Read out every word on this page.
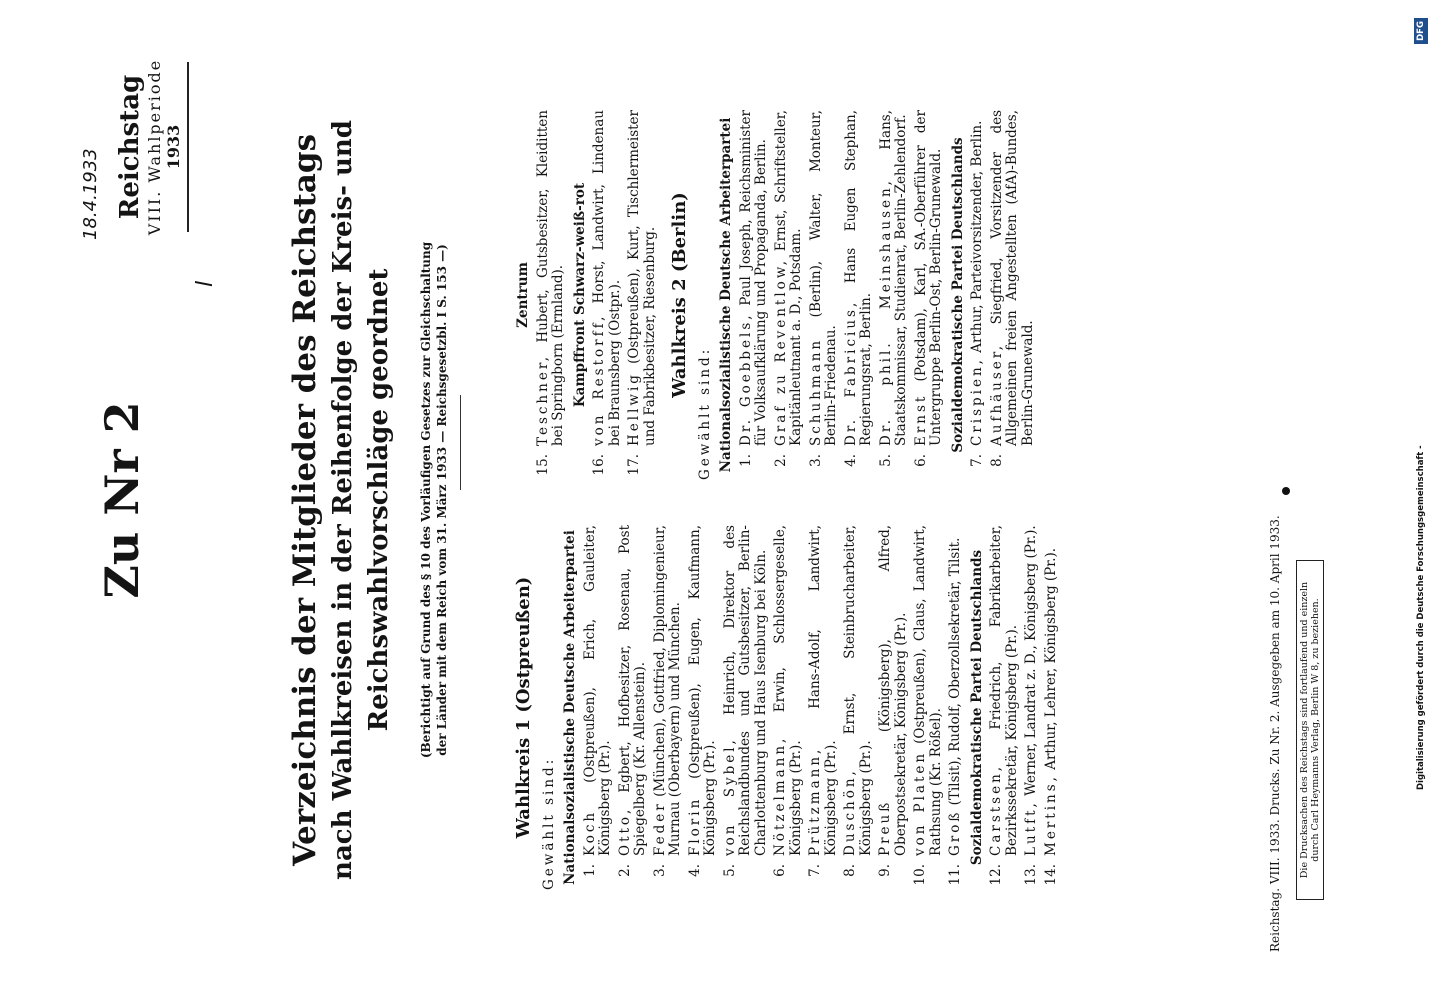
18.4.1933 Reichstag VIII. Wahlperiode 1933
l
Zu Nr 2	Verzeichnis der Mitglieder des Reichstags nach Wahlkreisen in der Reihenfolge der Kreis- und Reichswahlvorschläge geordnet (Berichtigt auf Grund des § 10 des Vorläufigen Gesetzes zur Gleichschaltung der Länder mit dem Reich vom 31. März 1933 — Reichsgesetzbl. I S. 153 —)	Wahlkreis 1 (Ostpreußen) Gewählt sind: Nationalsozialistische Deutsche Arbeiterpartei 1.
Koch (Ostpreußen), Erich, Gauleiter, Königsberg (Pr.).
2.
Otto, Egbert, Hofbesitzer, Rosenau, Post Spiegelberg (Kr. Allenstein).
3.
Feder (München), Gottfried, Diplomingenieur, Murnau (Oberbayern) und München.
4.
Florin (Ostpreußen), Eugen, Kaufmann, Königsberg (Pr.).
5.
von Sybel, Heinrich, Direktor des Reichslandbundes und Gutsbesitzer, Berlin-Charlottenburg und Haus Isenburg bei Köln.
6.
Nötzelmann, Erwin, Schlossergeselle, Königsberg (Pr.).
7.
Prützmann, Hans-Adolf, Landwirt, Königsberg (Pr.).
8.
Duschön, Ernst, Steinbrucharbeiter, Königsberg (Pr.).
9.
Preuß (Königsberg), Alfred, Oberpostsekretär, Königsberg (Pr.).
10.
von Platen (Ostpreußen), Claus, Landwirt, Rathsung (Kr. Rößel).
11.
Groß (Tilsit), Rudolf, Oberzollsekretär, Tilsit. Sozialdemokratische Partei Deutschlands
12.
Carstsen, Friedrich, Fabrikarbeiter, Bezirkssekretär, Königsberg (Pr.).
13.
Lutft, Werner, Landrat z. D., Königsberg (Pr.).
14.
Mertins, Arthur, Lehrer, Königsberg (Pr.).
Zentrum
15.
Teschner, Hubert, Gutsbesitzer, Kleiditten bei Springborn (Ermland). Kampffront Schwarz-weiß-rot
16.
von Restorff, Horst, Landwirt, Lindenau bei Braunsberg (Ostpr.).
17.
Hellwig (Ostpreußen), Kurt, Tischlermeister und Fabrikbesitzer, Riesenburg. Wahlkreis 2 (Berlin)
Gewählt sind: Nationalsozialistische Deutsche Arbeiterpartei 1.
Dr. Goebbels, Paul Joseph, Reichsminister für Volksaufklärung und Propaganda, Berlin.
2.
Graf zu Reventlow, Ernst, Schriftsteller, Kapitänleutnant a. D., Potsdam.
3.
Schuhmann (Berlin), Walter, Monteur, Berlin-Friedenau.
4.
Dr. Fabricius, Hans Eugen Stephan, Regierungsrat, Berlin.
5.
Dr. phil. Meinshausen, Hans, Staatskommissar, Studienrat, Berlin-Zehlendorf.
6.
Ernst (Potsdam), Karl, SA.-Oberführer der Untergruppe Berlin-Ost, Berlin-Grunewald. Sozialdemokratische Partei Deutschlands
7.
Crispien, Arthur, Parteivorsitzender, Berlin.
8.
Aufhäuser, Siegfried, Vorsitzender des Allgemeinen freien Angestellten (AfA)-Bundes, Berlin-Grunewald.
Reichstag. VIII. 1933. Drucks. Zu Nr. 2. Ausgegeben am 10. April 1933. Die Drucksachen des Reichstags sind fortlaufend und einzeln durch Carl Heymanns Verlag, Berlin W 8, zu beziehen.	Digitalisierung gefördert durch die Deutsche Forschungsgemeinschaft -
DFG
